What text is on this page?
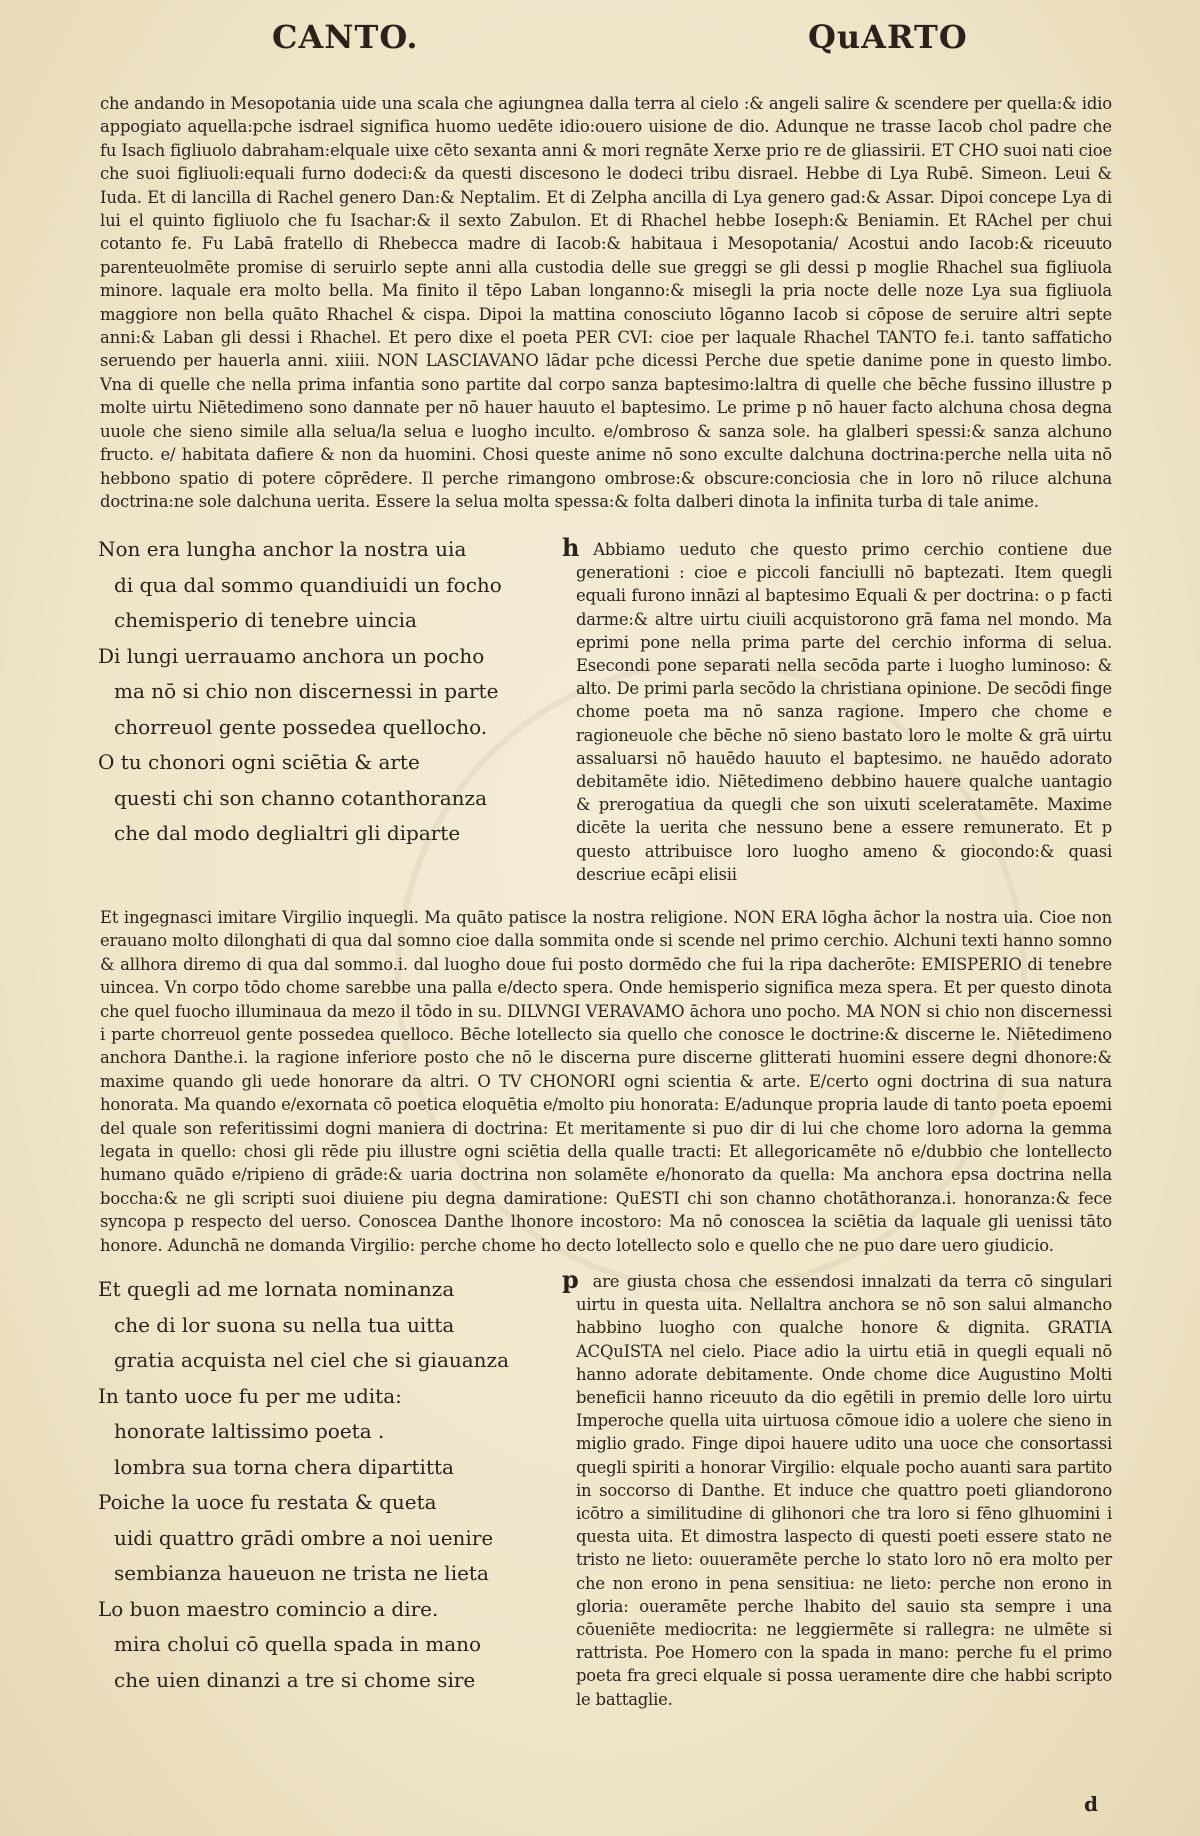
CANTO.	QuARTO

che andando in Mesopotania uide una scala che agiungnea dalla terra al cielo :& angeli salire & scendere per quella:& idio appogiato aquella:pche isdrael significa huomo uedēte idio:ouero uisione de dio. Adunque ne trasse Iacob chol padre che fu Isach figliuolo dabraham:elquale uixe cēto sexanta anni & mori regnāte Xerxe prio re de gliassirii. ET CHO suoi nati cioe che suoi figliuoli:equali furno dodeci:& da questi discesono le dodeci tribu disrael. Hebbe di Lya Rubē. Simeon. Leui & Iuda. Et di lancilla di Rachel genero Dan:& Neptalim. Et di Zelpha ancilla di Lya genero gad:& Assar. Dipoi concepe Lya di lui el quinto figliuolo che fu Isachar:& il sexto Zabulon. Et di Rhachel hebbe Ioseph:& Beniamin. Et RAchel per chui cotanto fe. Fu Labā fratello di Rhebecca madre di Iacob:& habitaua i Mesopotania/ Acostui ando Iacob:& riceuuto parenteuolmēte promise di seruirlo septe anni alla custodia delle sue greggi se gli dessi p moglie Rhachel sua figliuola minore. laquale era molto bella. Ma finito il tēpo Laban longanno:& misegli la pria nocte delle noze Lya sua figliuola maggiore non bella quāto Rhachel & cispa. Dipoi la mattina conosciuto lōganno Iacob si cōpose de seruire altri septe anni:& Laban gli dessi i Rhachel. Et pero dixe el poeta PER CVI: cioe per laquale Rhachel TANTO fe.i. tanto saffaticho seruendo per hauerla anni. xiiii. NON LASCIAVANO lādar pche dicessi Perche due spetie danime pone in questo limbo. Vna di quelle che nella prima infantia sono partite dal corpo sanza baptesimo:laltra di quelle che bēche fussino illustre p molte uirtu Niētedimeno sono dannate per nō hauer hauuto el baptesimo. Le prime p nō hauer facto alchuna chosa degna uuole che sieno simile alla selua/la selua e luogho inculto. e/ombroso & sanza sole. ha glalberi spessi:& sanza alchuno fructo. e/ habitata dafiere & non da huomini. Chosi queste anime nō sono exculte dalchuna doctrina:perche nella uita nō hebbono spatio di potere cōprēdere. Il perche rimangono ombrose:& obscure:conciosia che in loro nō riluce alchuna doctrina:ne sole dalchuna uerita. Essere la selua molta spessa:& folta dalberi dinota la infinita turba di tale anime.

Non era lungha anchor la nostra uia
di qua dal sommo quandiuidi un focho
chemisperio di tenebre uincia
Di lungi uerrauamo anchora un pocho
ma nō si chio non discernessi in parte
chorreuol gente possedea quellocho.
O tu chonori ogni sciētia & arte
questi chi son channo cotanthoranza
che dal modo deglialtri gli diparte

h Abbiamo ueduto che questo primo cerchio contiene due generationi : cioe e piccoli fanciulli nō baptezati. Item quegli equali furono innāzi al baptesimo Equali & per doctrina: o p facti darme:& altre uirtu ciuili acquistorono grā fama nel mondo. Ma eprimi pone nella prima parte del cerchio informa di selua. Esecondi pone separati nella secōda parte i luogho luminoso: & alto. De primi parla secōdo la christiana opinione. De secōdi finge chome poeta ma nō sanza ragione. Impero che chome e ragioneuole che bēche nō sieno bastato loro le molte & grā uirtu assaluarsi nō hauēdo hauuto el baptesimo. ne hauēdo adorato debitamēte idio. Niētedimeno debbino hauere qualche uantagio & prerogatiua da quegli che son uixuti sceleratamēte. Maxime dicēte la uerita che nessuno bene a essere remunerato. Et p questo attribuisce loro luogho ameno & giocondo:& quasi descriue ecāpi elisii

Et ingegnasci imitare Virgilio inquegli. Ma quāto patisce la nostra religione. NON ERA lōgha āchor la nostra uia. Cioe non erauano molto dilonghati di qua dal somno cioe dalla sommita onde si scende nel primo cerchio. Alchuni texti hanno somno & allhora diremo di qua dal sommo.i. dal luogho doue fui posto dormēdo che fui la ripa dacherōte: EMISPERIO di tenebre uincea. Vn corpo tōdo chome sarebbe una palla e/decto spera. Onde hemisperio significa meza spera. Et per questo dinota che quel fuocho illuminaua da mezo il tōdo in su. DILVNGI VERAVAMO āchora uno pocho. MA NON si chio non discernessi i parte chorreuol gente possedea quelloco. Bēche lotellecto sia quello che conosce le doctrine:& discerne le. Niētedimeno anchora Danthe.i. la ragione inferiore posto che nō le discerna pure discerne glitterati huomini essere degni dhonore:& maxime quando gli uede honorare da altri. O TV CHONORI ogni scientia & arte. E/certo ogni doctrina di sua natura honorata. Ma quando e/exornata cō poetica eloquētia e/molto piu honorata: E/adunque propria laude di tanto poeta epoemi del quale son referitissimi dogni maniera di doctrina: Et meritamente si puo dir di lui che chome loro adorna la gemma legata in quello: chosi gli rēde piu illustre ogni sciētia della qualle tracti: Et allegoricamēte nō e/dubbio che lontellecto humano quādo e/ripieno di grāde:& uaria doctrina non solamēte e/honorato da quella: Ma anchora epsa doctrina nella boccha:& ne gli scripti suoi diuiene piu degna damiratione: QuESTI chi son channo chotāthoranza.i. honoranza:& fece syncopa p respecto del uerso. Conoscea Danthe lhonore incostoro: Ma nō conoscea la sciētia da laquale gli uenissi tāto honore. Adunchā ne domanda Virgilio: perche chome ho decto lotellecto solo e quello che ne puo dare uero giudicio.

Et quegli ad me lornata nominanza
che di lor suona su nella tua uitta
gratia acquista nel ciel che si giauanza
In tanto uoce fu per me udita:
honorate laltissimo poeta .
lombra sua torna chera dipartitta
Poiche la uoce fu restata & queta
uidi quattro grādi ombre a noi uenire
sembianza haueuon ne trista ne lieta
Lo buon maestro comincio a dire.
mira cholui cō quella spada in mano
che uien dinanzi a tre si chome sire

p are giusta chosa che essendosi innalzati da terra cō singulari uirtu in questa uita. Nellaltra anchora se nō son salui almancho habbino luogho con qualche honore & dignita. GRATIA ACQuISTA nel cielo. Piace adio la uirtu etiā in quegli equali nō hanno adorate debitamente. Onde chome dice Augustino Molti beneficii hanno riceuuto da dio egētili in premio delle loro uirtu Imperoche quella uita uirtuosa cōmoue idio a uolere che sieno in miglio grado. Finge dipoi hauere udito una uoce che consortassi quegli spiriti a honorar Virgilio: elquale pocho auanti sara partito in soccorso di Danthe. Et induce che quattro poeti gliandorono icōtro a similitudine di glihonori che tra loro si fēno glhuomini i questa uita. Et dimostra laspecto di questi poeti essere stato ne tristo ne lieto: ouueramēte perche lo stato loro nō era molto per che non erono in pena sensitiua: ne lieto: perche non erono in gloria: oueramēte perche lhabito del sauio sta sempre i una cōueniēte mediocrita: ne leggiermēte si rallegra: ne ulmēte si rattrista. Poe Homero con la spada in mano: perche fu el primo poeta fra greci elquale si possa ueramente dire che habbi scripto le battaglie.

d
